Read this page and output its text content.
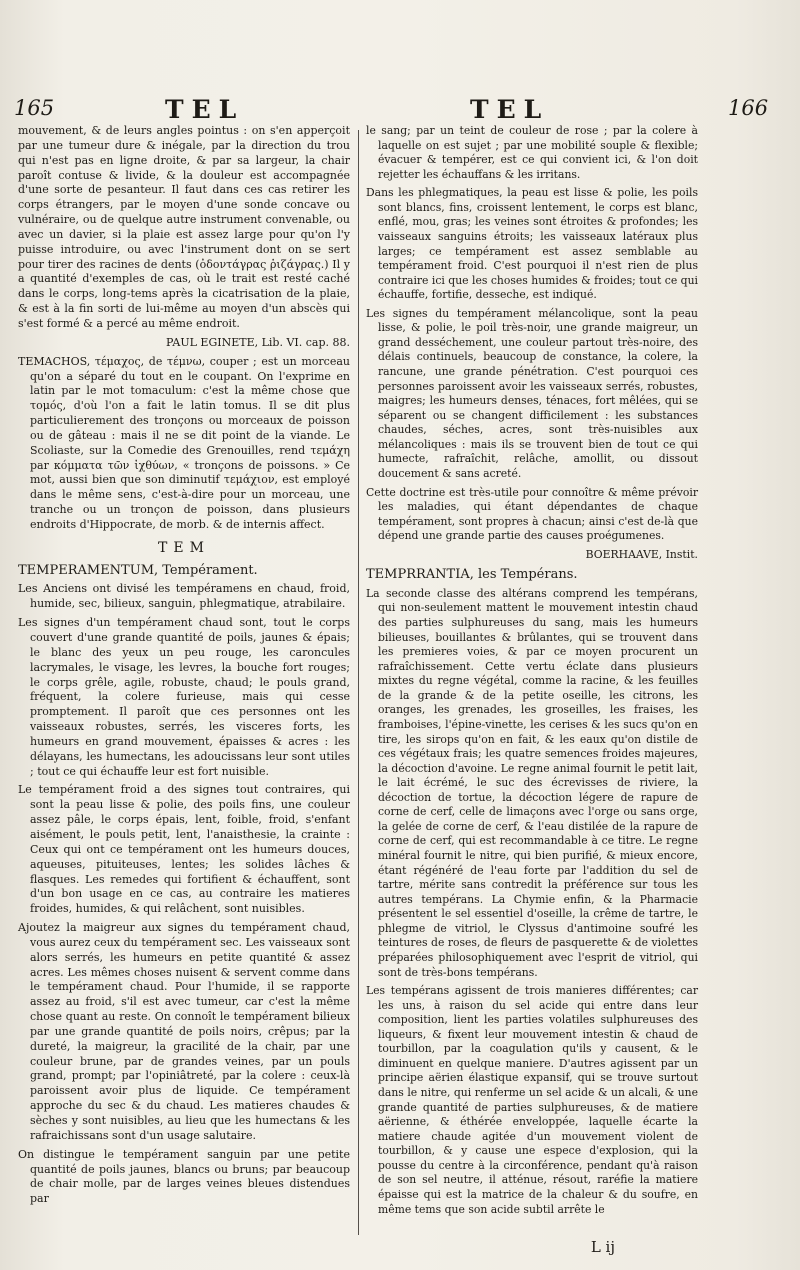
165	TEL	TEL	166

mouvement, & de leurs angles pointus : on s'en apperçoit par une tumeur dure & inégale, par la direction du trou qui n'est pas en ligne droite, & par sa largeur, la chair paroît contuse & livide, & la douleur est accompagnée d'une sorte de pesanteur. Il faut dans ces cas retirer les corps étrangers, par le moyen d'une sonde concave ou vulnéraire, ou de quelque autre instrument convenable, ou avec un davier, si la plaie est assez large pour qu'on l'y puisse introduire, ou avec l'instrument dont on se sert pour tirer des racines de dents (ὀδοντάγρας ῥιζάγρας.) Il y a quantité d'exemples de cas, où le trait est resté caché dans le corps, long-tems après la cicatrisation de la plaie, & est à la fin sorti de lui-même au moyen d'un abscès qui s'est formé & a percé au même endroit.

PAUL EGINETE, Lib. VI. cap. 88.

TEMACHOS, τέμαχος, de τέμνω, couper ; est un morceau qu'on a séparé du tout en le coupant. On l'exprime en latin par le mot tomaculum: c'est la même chose que τομός, d'où l'on a fait le latin tomus. Il se dit plus particulierement des tronçons ou morceaux de poisson ou de gâteau : mais il ne se dit point de la viande. Le Scoliaste, sur la Comedie des Grenouilles, rend τεμάχη par κόμματα τῶν ἰχθύων, « tronçons de poissons. » Ce mot, aussi bien que son diminutif τεμάχιον, est employé dans le même sens, c'est-à-dire pour un morceau, une tranche ou un tronçon de poisson, dans plusieurs endroits d'Hippocrate, de morb. & de internis affect.

TEM
TEMPERAMENTUM, Tempérament.

Les Anciens ont divisé les tempéramens en chaud, froid, humide, sec, bilieux, sanguin, phlegmatique, atrabilaire.

Les signes d'un tempérament chaud sont, tout le corps couvert d'une grande quantité de poils, jaunes & épais; le blanc des yeux un peu rouge, les caroncules lacrymales, le visage, les levres, la bouche fort rouges; le corps grêle, agile, robuste, chaud; le pouls grand, fréquent, la colere furieuse, mais qui cesse promptement. Il paroît que ces personnes ont les vaisseaux robustes, serrés, les visceres forts, les humeurs en grand mouvement, épaisses & acres : les délayans, les humectans, les adoucissans leur sont utiles ; tout ce qui échauffe leur est fort nuisible.

Le tempérament froid a des signes tout contraires, qui sont la peau lisse & polie, des poils fins, une couleur assez pâle, le corps épais, lent, foible, froid, s'enfant aisément, le pouls petit, lent, l'anaisthesie, la crainte : Ceux qui ont ce tempérament ont les humeurs douces, aqueuses, pituiteuses, lentes; les solides lâches & flasques. Les remedes qui fortifient & échauffent, sont d'un bon usage en ce cas, au contraire les matieres froides, humides, & qui relâchent, sont nuisibles.

Ajoutez la maigreur aux signes du tempérament chaud, vous aurez ceux du tempérament sec. Les vaisseaux sont alors serrés, les humeurs en petite quantité & assez acres. Les mêmes choses nuisent & servent comme dans le tempérament chaud. Pour l'humide, il se rapporte assez au froid, s'il est avec tumeur, car c'est la même chose quant au reste. On connoît le tempérament bilieux par une grande quantité de poils noirs, crêpus; par la dureté, la maigreur, la gracilité de la chair, par une couleur brune, par de grandes veines, par un pouls grand, prompt; par l'opiniâtreté, par la colere : ceux-là paroissent avoir plus de liquide. Ce tempérament approche du sec & du chaud. Les matieres chaudes & sèches y sont nuisibles, au lieu que les humectans & les rafraichissans sont d'un usage salutaire.

On distingue le tempérament sanguin par une petite quantité de poils jaunes, blancs ou bruns; par beaucoup de chair molle, par de larges veines bleues distendues par

le sang; par un teint de couleur de rose ; par la colere à laquelle on est sujet ; par une mobilité souple & flexible; évacuer & tempérer, est ce qui convient ici, & l'on doit rejetter les échauffans & les irritans.

Dans les phlegmatiques, la peau est lisse & polie, les poils sont blancs, fins, croissent lentement, le corps est blanc, enflé, mou, gras; les veines sont étroites & profondes; les vaisseaux sanguins étroits; les vaisseaux latéraux plus larges; ce tempérament est assez semblable au tempérament froid. C'est pourquoi il n'est rien de plus contraire ici que les choses humides & froides; tout ce qui échauffe, fortifie, desseche, est indiqué.

Les signes du tempérament mélancolique, sont la peau lisse, & polie, le poil très-noir, une grande maigreur, un grand desséchement, une couleur partout très-noire, des délais continuels, beaucoup de constance, la colere, la rancune, une grande pénétration. C'est pourquoi ces personnes paroissent avoir les vaisseaux serrés, robustes, maigres; les humeurs denses, ténaces, fort mêlées, qui se séparent ou se changent difficilement : les substances chaudes, séches, acres, sont très-nuisibles aux mélancoliques : mais ils se trouvent bien de tout ce qui humecte, rafraîchit, relâche, amollit, ou dissout doucement & sans acreté.

Cette doctrine est très-utile pour connoître & même prévoir les maladies, qui étant dépendantes de chaque tempérament, sont propres à chacun; ainsi c'est de-là que dépend une grande partie des causes proégumenes.

BOERHAAVE, Instit.

TEMPRRANTIA, les Tempérans.

La seconde classe des altérans comprend les tempérans, qui non-seulement mattent le mouvement intestin chaud des parties sulphureuses du sang, mais les humeurs bilieuses, bouillantes & brûlantes, qui se trouvent dans les premieres voies, & par ce moyen procurent un rafraîchissement. Cette vertu éclate dans plusieurs mixtes du regne végétal, comme la racine, & les feuilles de la grande & de la petite oseille, les citrons, les oranges, les grenades, les groseilles, les fraises, les framboises, l'épine-vinette, les cerises & les sucs qu'on en tire, les sirops qu'on en fait, & les eaux qu'on distile de ces végétaux frais; les quatre semences froides majeures, la décoction d'avoine. Le regne animal fournit le petit lait, le lait écrémé, le suc des écrevisses de riviere, la décoction de tortue, la décoction légere de rapure de corne de cerf, celle de limaçons avec l'orge ou sans orge, la gelée de corne de cerf, & l'eau distilée de la rapure de corne de cerf, qui est recommandable à ce titre. Le regne minéral fournit le nitre, qui bien purifié, & mieux encore, étant régénéré de l'eau forte par l'addition du sel de tartre, mérite sans contredit la préférence sur tous les autres tempérans. La Chymie enfin, & la Pharmacie présentent le sel essentiel d'oseille, la crême de tartre, le phlegme de vitriol, le Clyssus d'antimoine soufré les teintures de roses, de fleurs de pasquerette & de violettes préparées philosophiquement avec l'esprit de vitriol, qui sont de très-bons tempérans.

Les tempérans agissent de trois manieres différentes; car les uns, à raison du sel acide qui entre dans leur composition, lient les parties volatiles sulphureuses des liqueurs, & fixent leur mouvement intestin & chaud de tourbillon, par la coagulation qu'ils y causent, & le diminuent en quelque maniere. D'autres agissent par un principe aërien élastique expansif, qui se trouve surtout dans le nitre, qui renferme un sel acide & un alcali, & une grande quantité de parties sulphureuses, & de matiere aërienne, & éthérée enveloppée, laquelle écarte la matiere chaude agitée d'un mouvement violent de tourbillon, & y cause une espece d'explosion, qui la pousse du centre à la circonférence, pendant qu'à raison de son sel neutre, il atténue, résout, raréfie la matiere épaisse qui est la matrice de la chaleur & du soufre, en même tems que son acide subtil arrête le

L ij
